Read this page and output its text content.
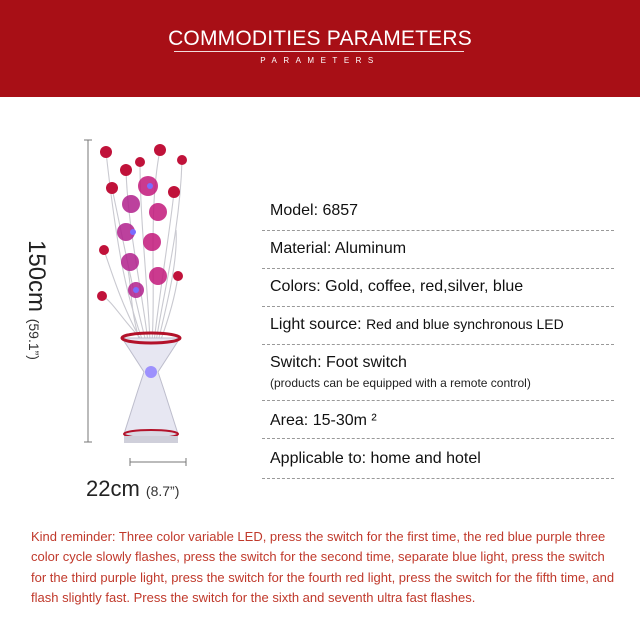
COMMODITIES PARAMETERS
PARAMETERS
150cm (59.1”)
22cm (8.7”)
Model: 6857
Material: Aluminum
Colors: Gold, coffee, red,silver, blue
Light source: Red and blue synchronous LED
Switch: Foot switch
(products can be equipped with a remote control)
Area: 15-30m ²
Applicable to: home and hotel
Kind reminder: Three color variable LED, press the switch for the first time, the red blue purple three color cycle slowly flashes, press the switch for the second time, separate blue light, press the switch for the third purple light, press the switch for the fourth red light, press the switch for the fifth time, and flash slightly fast. Press the switch for the sixth and seventh ultra fast flashes.
